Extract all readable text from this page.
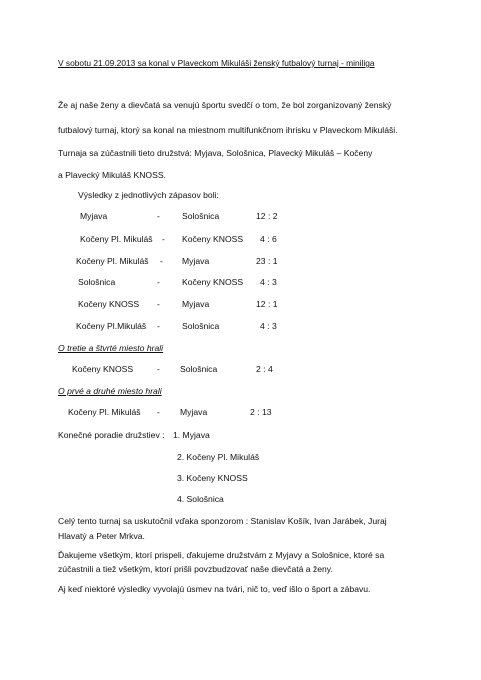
V sobotu 21.09.2013 sa konal v Plaveckom Mikuláši ženský futbalový turnaj - miniliga
Že aj naše ženy a dievčatá sa venujú športu svedčí o tom, že bol zorganizovaný ženský
futbalový turnaj, ktorý sa konal na miestnom multifunkčnom ihrisku v Plaveckom Mikuláši.
Turnaja sa zúčastnili tieto družstvá: Myjava, Sološnica, Plavecký Mikuláš – Kočeny
a Plavecký Mikuláš KNOSS.
Výsledky z jednotlivých zápasov boli:
Myjava	-	Sološnica	12 : 2
Kočeny Pl. Mikuláš - Kočeny KNOSS 4 : 6
Kočeny Pl. Mikuláš - Myjava	23 : 1
Sološnica	-	Kočeny KNOSS 4 : 3
Kočeny KNOSS -	Myjava	12 : 1
Kočeny Pl.Mikuláš -	Sološnica	4 : 3
O tretie a štvrté miesto hrali
Kočeny KNOSS	- Sološnica	2 : 4
O prvé a druhé miesto hrali
Kočeny Pl. Mikuláš - Myjava	2 : 13
Konečné poradie družstiev : 1. Myjava
2. Kočeny Pl. Mikuláš
3. Kočeny KNOSS
4. Sološnica
Celý tento turnaj sa uskutočnil vďaka sponzorom : Stanislav Košík, Ivan Jarábek, Juraj
Hlavatý a Peter Mrkva.
Ďakujeme všetkým, ktorí prispeli, ďakujeme družstvám z Myjavy a Sološnice, ktoré sa
zúčastnili a tiež všetkým, ktorí prišli povzbudzovať naše dievčatá a ženy.
Aj keď niektoré výsledky vyvolajú úsmev na tvári, nič to, veď išlo o šport a zábavu.
